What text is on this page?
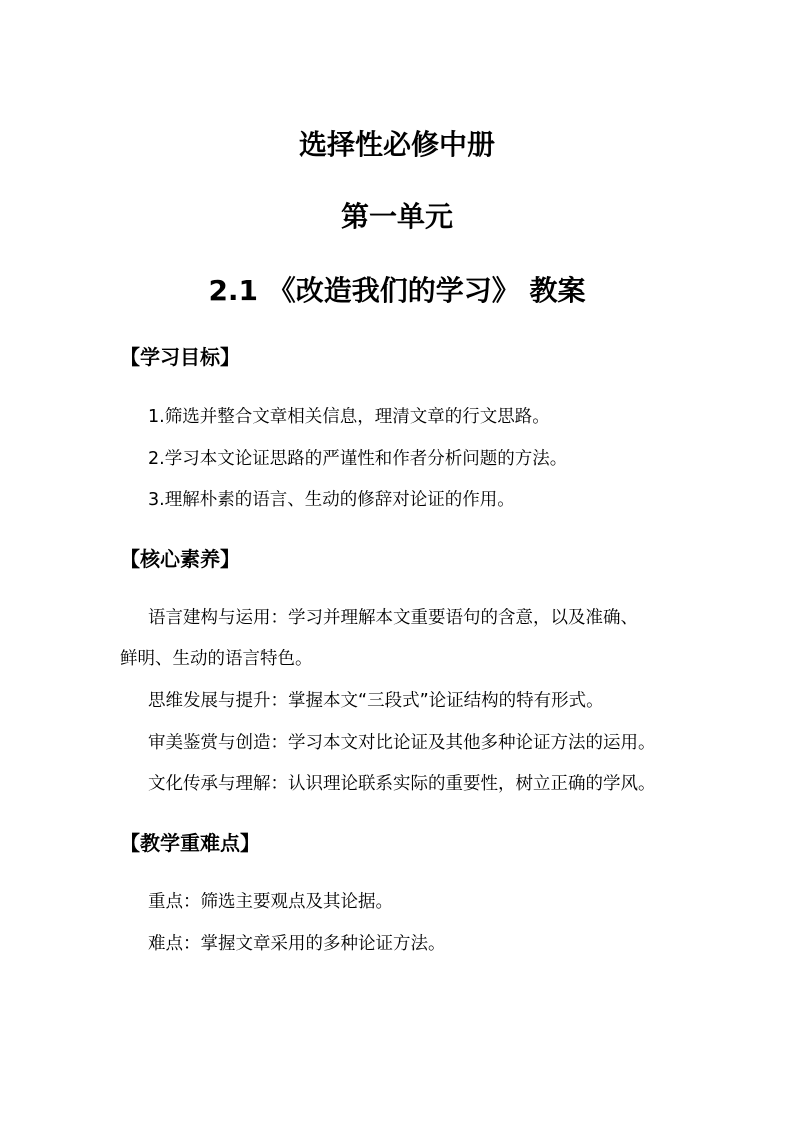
选择性必修中册
第一单元
2.1 《改造我们的学习》 教案
【学习目标】
1.筛选并整合文章相关信息，理清文章的行文思路。
2.学习本文论证思路的严谨性和作者分析问题的方法。
3.理解朴素的语言、生动的修辞对论证的作用。
【核心素养】
语言建构与运用：学习并理解本文重要语句的含意，以及准确、
鲜明、生动的语言特色。
思维发展与提升：掌握本文“三段式”论证结构的特有形式。
审美鉴赏与创造：学习本文对比论证及其他多种论证方法的运用。
文化传承与理解：认识理论联系实际的重要性，树立正确的学风。
【教学重难点】
重点：筛选主要观点及其论据。
难点：掌握文章采用的多种论证方法。
